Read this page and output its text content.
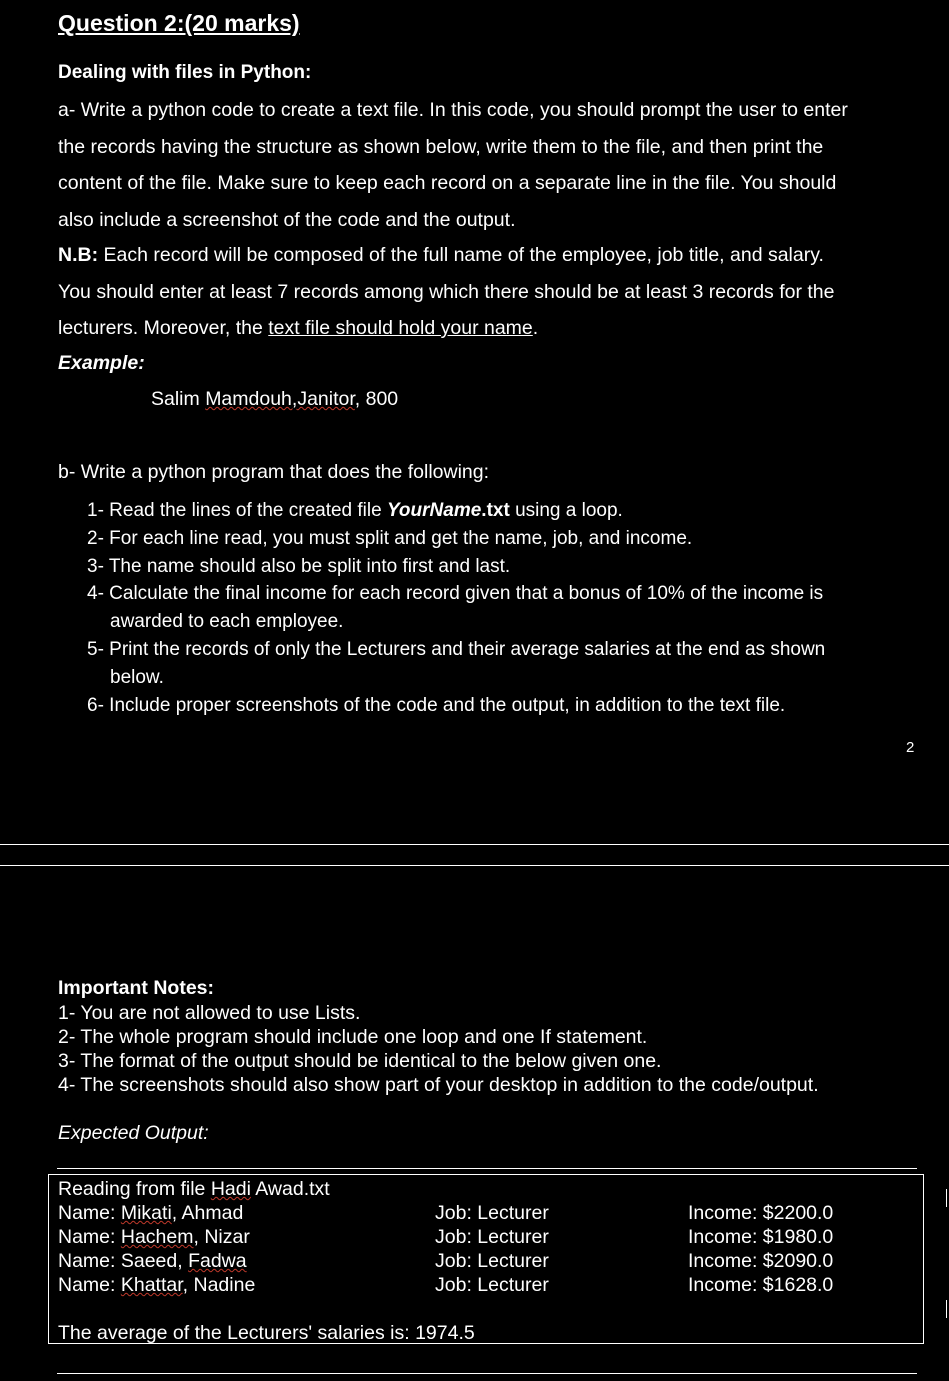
Question 2:(20 marks)
Dealing with files in Python:
a- Write a python code to create a text file. In this code, you should prompt the user to enter
the records having the structure as shown below, write them to the file, and then print the
content of the file. Make sure to keep each record on a separate line in the file. You should
also include a screenshot of the code and the output.
N.B: Each record will be composed of the full name of the employee, job title, and salary.
You should enter at least 7 records among which there should be at least 3 records for the
lecturers. Moreover, the text file should hold your name.
Example:
Salim Mamdouh,Janitor, 800
b- Write a python program that does the following:
1- Read the lines of the created file YourName.txt using a loop.
2- For each line read, you must split and get the name, job, and income.
3- The name should also be split into first and last.
4- Calculate the final income for each record given that a bonus of 10% of the income is
awarded to each employee.
5- Print the records of only the Lecturers and their average salaries at the end as shown
below.
6- Include proper screenshots of the code and the output, in addition to the text file.
2
Important Notes:
1- You are not allowed to use Lists.
2- The whole program should include one loop and one If statement.
3- The format of the output should be identical to the below given one.
4- The screenshots should also show part of your desktop in addition to the code/output.
Expected Output:
Reading from file Hadi Awad.txt
Name: Mikati, Ahmad	Job: Lecturer	Income: $2200.0
Name: Hachem, Nizar	Job: Lecturer	Income: $1980.0
Name: Saeed, Fadwa	Job: Lecturer	Income: $2090.0
Name: Khattar, Nadine	Job: Lecturer	Income: $1628.0
The average of the Lecturers' salaries is: 1974.5
